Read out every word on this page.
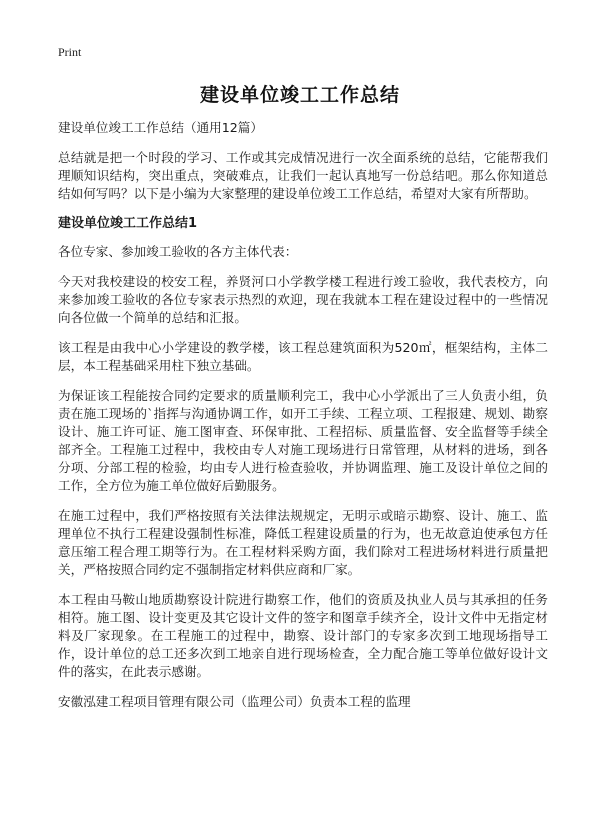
Print
建设单位竣工工作总结

建设单位竣工工作总结（通用12篇）

总结就是把一个时段的学习、工作或其完成情况进行一次全面系统的总结，它能帮我们理顺知识结构，突出重点，突破难点，让我们一起认真地写一份总结吧。那么你知道总结如何写吗？以下是小编为大家整理的建设单位竣工工作总结，希望对大家有所帮助。

建设单位竣工工作总结1

各位专家、参加竣工验收的各方主体代表：

今天对我校建设的校安工程，养贤河口小学教学楼工程进行竣工验收，我代表校方，向来参加竣工验收的各位专家表示热烈的欢迎，现在我就本工程在建设过程中的一些情况向各位做一个简单的总结和汇报。

该工程是由我中心小学建设的教学楼，该工程总建筑面积为520㎡，框架结构，主体二层，本工程基础采用柱下独立基础。

为保证该工程能按合同约定要求的质量顺利完工，我中心小学派出了三人负责小组，负责在施工现场的`指挥与沟通协调工作，如开工手续、工程立项、工程报建、规划、勘察设计、施工许可证、施工图审查、环保审批、工程招标、质量监督、安全监督等手续全部齐全。工程施工过程中，我校由专人对施工现场进行日常管理，从材料的进场，到各分项、分部工程的检验，均由专人进行检查验收，并协调监理、施工及设计单位之间的工作，全方位为施工单位做好后勤服务。

在施工过程中，我们严格按照有关法律法规规定，无明示或暗示勘察、设计、施工、监理单位不执行工程建设强制性标准，降低工程建设质量的行为，也无故意迫使承包方任意压缩工程合理工期等行为。在工程材料采购方面，我们除对工程进场材料进行质量把关，严格按照合同约定不强制指定材料供应商和厂家。

本工程由马鞍山地质勘察设计院进行勘察工作，他们的资质及执业人员与其承担的任务相符。施工图、设计变更及其它设计文件的签字和图章手续齐全，设计文件中无指定材料及厂家现象。在工程施工的过程中，勘察、设计部门的专家多次到工地现场指导工作，设计单位的总工还多次到工地亲自进行现场检查，全力配合施工等单位做好设计文件的落实，在此表示感谢。

安徽泓建工程项目管理有限公司（监理公司）负责本工程的监理
